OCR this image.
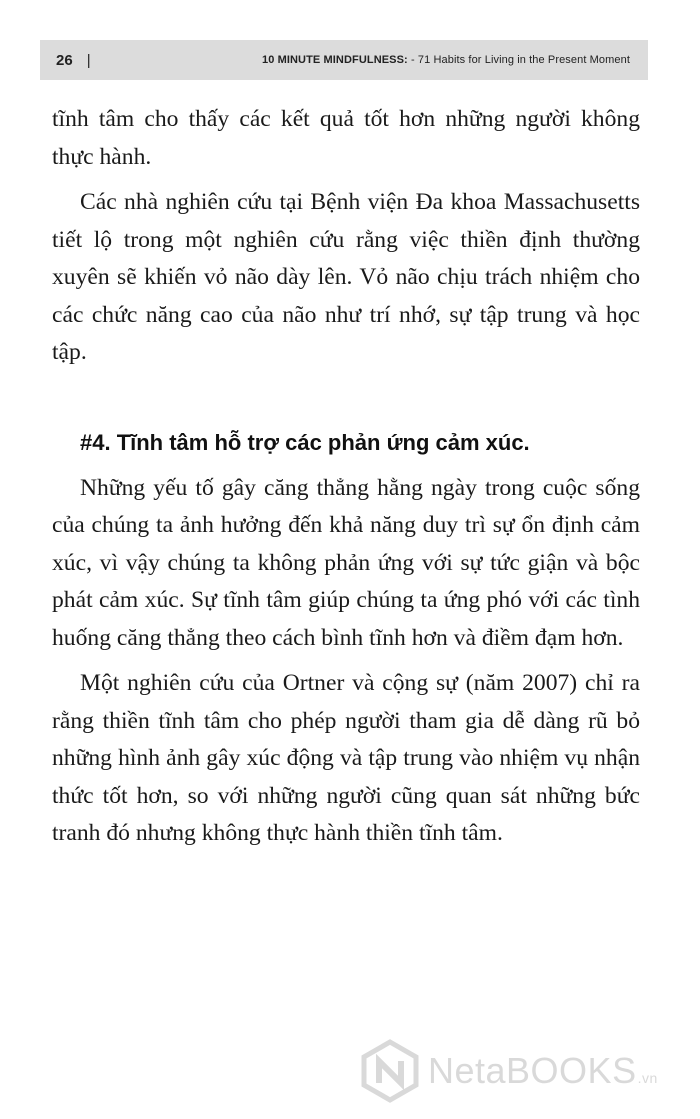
26 |	10 MINUTE MINDFULNESS: - 71 Habits for Living in the Present Moment

tĩnh tâm cho thấy các kết quả tốt hơn những người không thực hành.

Các nhà nghiên cứu tại Bệnh viện Đa khoa Massachusetts tiết lộ trong một nghiên cứu rằng việc thiền định thường xuyên sẽ khiến vỏ não dày lên. Vỏ não chịu trách nhiệm cho các chức năng cao của não như trí nhớ, sự tập trung và học tập.

#4. Tĩnh tâm hỗ trợ các phản ứng cảm xúc.

Những yếu tố gây căng thẳng hằng ngày trong cuộc sống của chúng ta ảnh hưởng đến khả năng duy trì sự ổn định cảm xúc, vì vậy chúng ta không phản ứng với sự tức giận và bộc phát cảm xúc. Sự tĩnh tâm giúp chúng ta ứng phó với các tình huống căng thẳng theo cách bình tĩnh hơn và điềm đạm hơn.

Một nghiên cứu của Ortner và cộng sự (năm 2007) chỉ ra rằng thiền tĩnh tâm cho phép người tham gia dễ dàng rũ bỏ những hình ảnh gây xúc động và tập trung vào nhiệm vụ nhận thức tốt hơn, so với những người cũng quan sát những bức tranh đó nhưng không thực hành thiền tĩnh tâm.

NetaBOOKS.vn
